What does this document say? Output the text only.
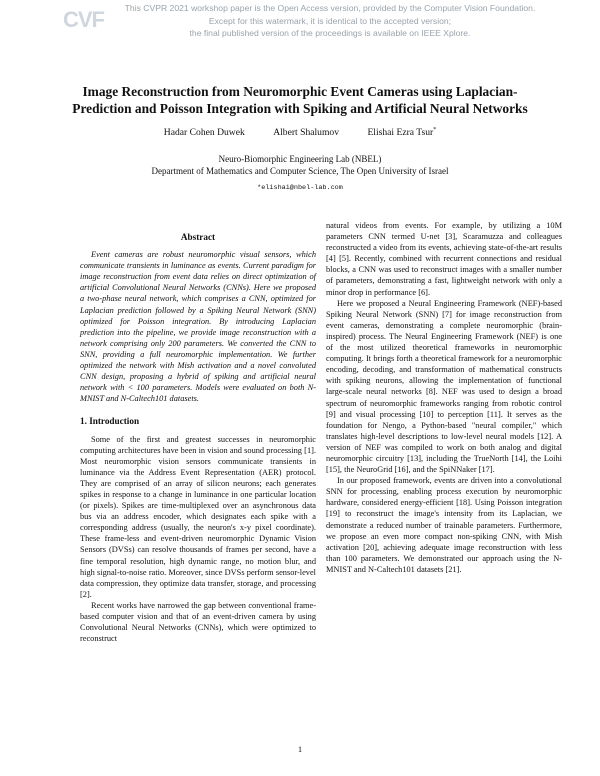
CVF	This CVPR 2021 workshop paper is the Open Access version, provided by the Computer Vision Foundation.
Except for this watermark, it is identical to the accepted version;
the final published version of the proceedings is available on IEEE Xplore.
Image Reconstruction from Neuromorphic Event Cameras using Laplacian-Prediction and Poisson Integration with Spiking and Artificial Neural Networks
Hadar Cohen Duwek	Albert Shalumov	Elishai Ezra Tsur*
Neuro-Biomorphic Engineering Lab (NBEL)
Department of Mathematics and Computer Science, The Open University of Israel
*elishai@nbel-lab.com
Abstract

Event cameras are robust neuromorphic visual sensors, which communicate transients in luminance as events. Current paradigm for image reconstruction from event data relies on direct optimization of artificial Convolutional Neural Networks (CNNs). Here we proposed a two-phase neural network, which comprises a CNN, optimized for Laplacian prediction followed by a Spiking Neural Network (SNN) optimized for Poisson integration. By introducing Laplacian prediction into the pipeline, we provide image reconstruction with a network comprising only 200 parameters. We converted the CNN to SNN, providing a full neuromorphic implementation. We further optimized the network with Mish activation and a novel convoluted CNN design, proposing a hybrid of spiking and artificial neural network with < 100 parameters. Models were evaluated on both N-MNIST and N-Caltech101 datasets.

1. Introduction

Some of the first and greatest successes in neuromorphic computing architectures have been in vision and sound processing [1]. Most neuromorphic vision sensors communicate transients in luminance via the Address Event Representation (AER) protocol. They are comprised of an array of silicon neurons; each generates spikes in response to a change in luminance in one particular location (or pixels). Spikes are time-multiplexed over an asynchronous data bus via an address encoder, which designates each spike with a corresponding address (usually, the neuron's x-y pixel coordinate). These frame-less and event-driven neuromorphic Dynamic Vision Sensors (DVSs) can resolve thousands of frames per second, have a fine temporal resolution, high dynamic range, no motion blur, and high signal-to-noise ratio. Moreover, since DVSs perform sensor-level data compression, they optimize data transfer, storage, and processing [2].

Recent works have narrowed the gap between conventional frame-based computer vision and that of an event-driven camera by using Convolutional Neural Networks (CNNs), which were optimized to reconstruct

natural videos from events. For example, by utilizing a 10M parameters CNN termed U-net [3], Scaramuzza and colleagues reconstructed a video from its events, achieving state-of-the-art results [4] [5]. Recently, combined with recurrent connections and residual blocks, a CNN was used to reconstruct images with a smaller number of parameters, demonstrating a fast, lightweight network with only a minor drop in performance [6].

Here we proposed a Neural Engineering Framework (NEF)-based Spiking Neural Network (SNN) [7] for image reconstruction from event cameras, demonstrating a complete neuromorphic (brain-inspired) process. The Neural Engineering Framework (NEF) is one of the most utilized theoretical frameworks in neuromorphic computing. It brings forth a theoretical framework for a neuromorphic encoding, decoding, and transformation of mathematical constructs with spiking neurons, allowing the implementation of functional large-scale neural networks [8]. NEF was used to design a broad spectrum of neuromorphic frameworks ranging from robotic control [9] and visual processing [10] to perception [11]. It serves as the foundation for Nengo, a Python-based "neural compiler," which translates high-level descriptions to low-level neural models [12]. A version of NEF was compiled to work on both analog and digital neuromorphic circuitry [13], including the TrueNorth [14], the Loihi [15], the NeuroGrid [16], and the SpiNNaker [17].

In our proposed framework, events are driven into a convolutional SNN for processing, enabling process execution by neuromorphic hardware, considered energy-efficient [18]. Using Poisson integration [19] to reconstruct the image's intensity from its Laplacian, we demonstrate a reduced number of trainable parameters. Furthermore, we propose an even more compact non-spiking CNN, with Mish activation [20], achieving adequate image reconstruction with less than 100 parameters. We demonstrated our approach using the N-MNIST and N-Caltech101 datasets [21].

1
